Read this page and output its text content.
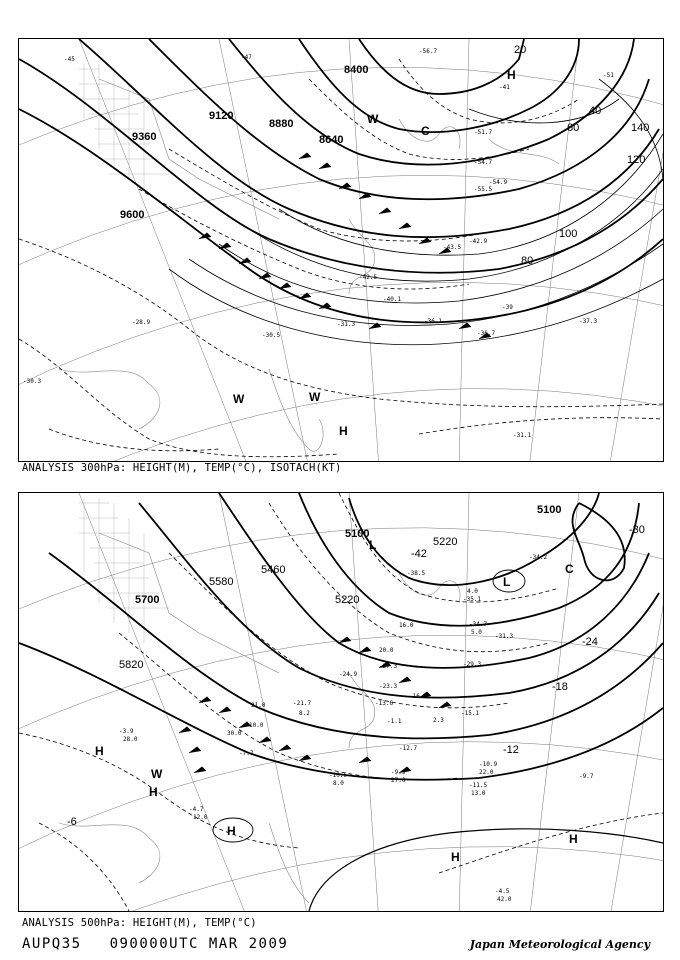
8400
8880
9120
9360	8640
9600
20
40
60
80
100
120
140
H
H
W	W
W
C
-31.1
-36.1
-36.7
-37.3
-40.1
-42.5
-42.9
-43.5
-54.9
-51.7
-55.5
-56.7
-54.7
-30.5
-31.3
-28.9
-30.3
-39
-41
-45	-47
-51
ANALYSIS 300hPa: HEIGHT(M), TEMP(°C), ISOTACH(KT)
5100
5100
5220
5220
5460
5580
5700
5820
-42
-30
-24
-18
-12
-6
L
L
C
H
H
H
H
H
W
-35.1
-34.7
-31.3
-29.3
-27.3
-24.9
-23.3
-15.1
-12.7
-11.5
-10.9
-10.5	-9.9
-9.7
-4.5
-38.5
-34.2
-16.3
-21.7	-13.6
-7.7
-4.7
-3.9
-1.1
4.0
5.0
16.0
20.0
21.0
8.0
10.0
30.0
13.0
22.0
27.0
42.0
2.3
8.2
12.0
28.0
ANALYSIS 500hPa: HEIGHT(M), TEMP(°C)
AUPQ35 090000UTC MAR 2009	Japan Meteorological Agency
